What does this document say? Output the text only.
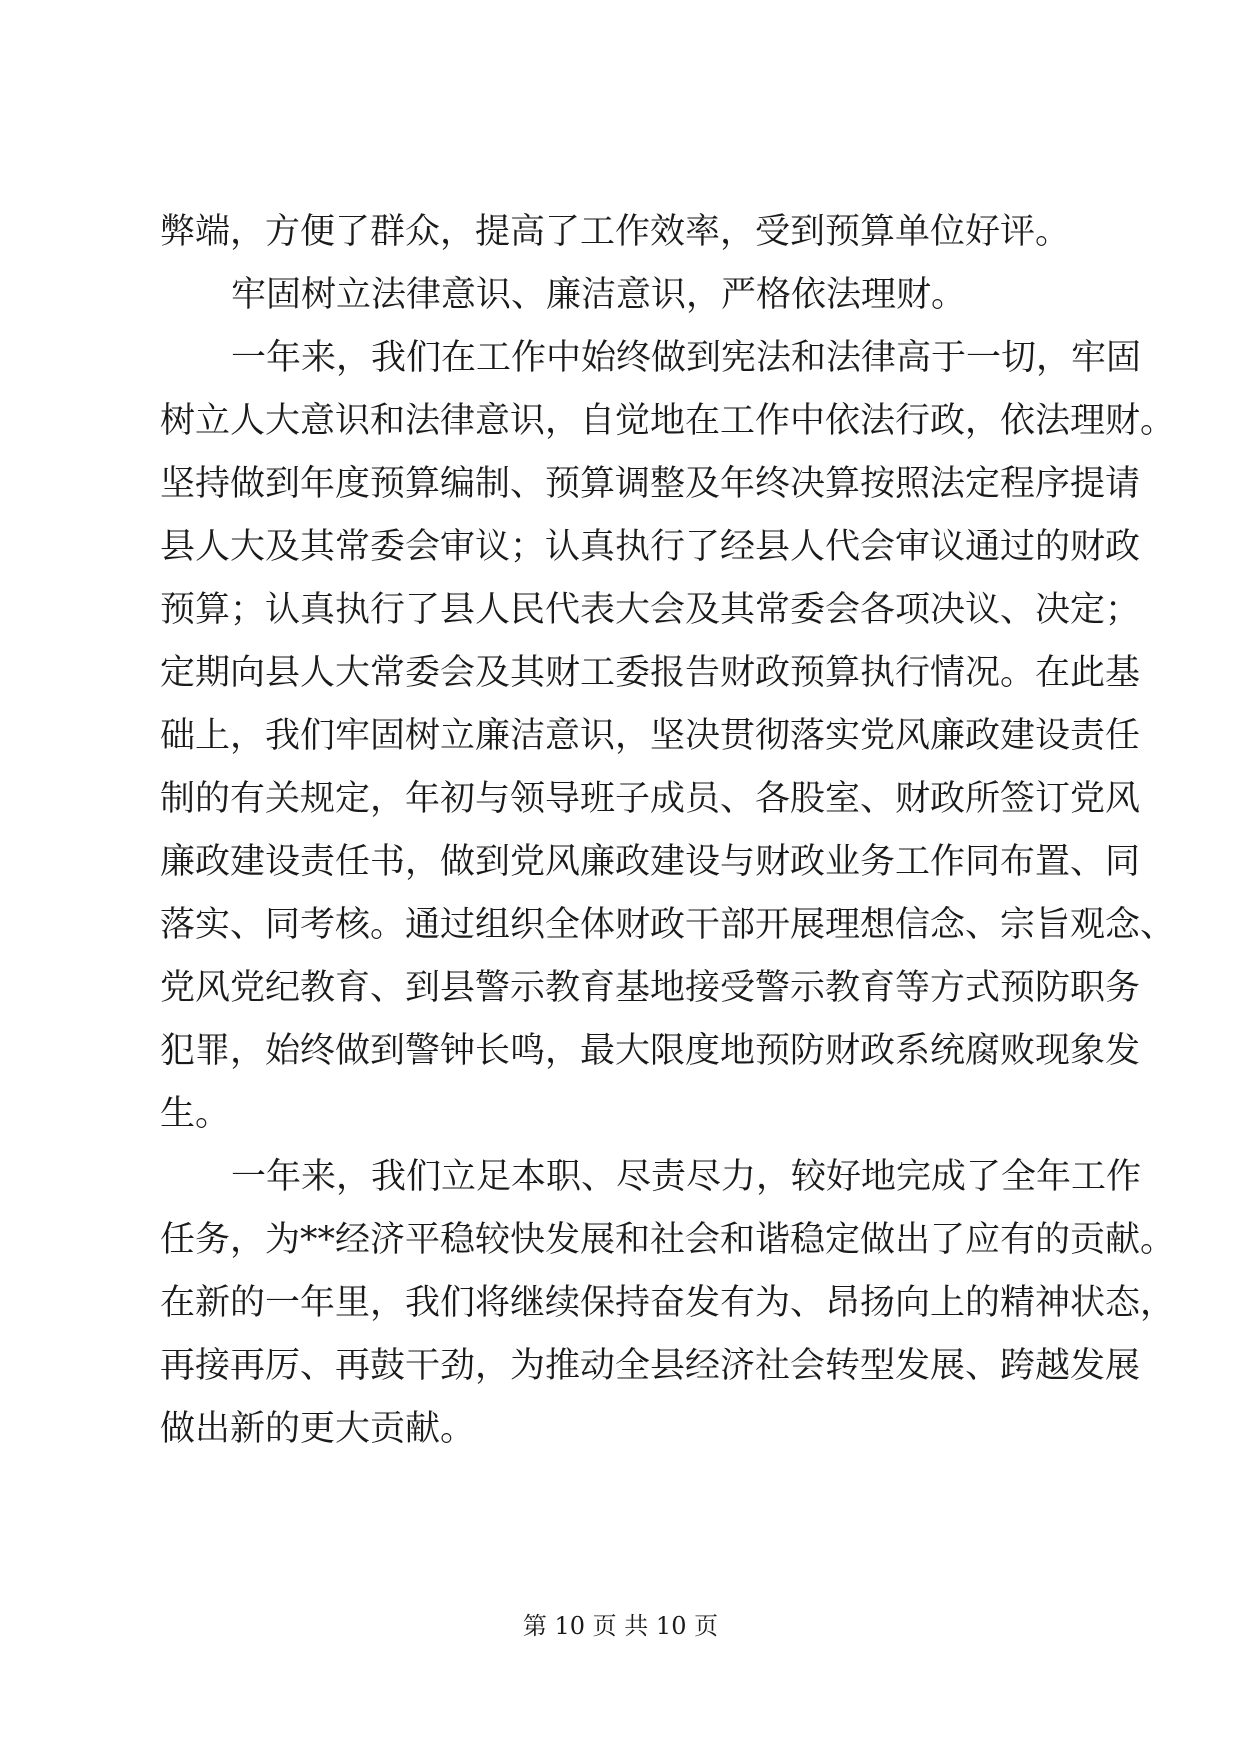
弊端，方便了群众，提高了工作效率，受到预算单位好评。
牢固树立法律意识、廉洁意识，严格依法理财。
一年来，我们在工作中始终做到宪法和法律高于一切，牢固
树立人大意识和法律意识，自觉地在工作中依法行政，依法理财。
坚持做到年度预算编制、预算调整及年终决算按照法定程序提请
县人大及其常委会审议；认真执行了经县人代会审议通过的财政
预算；认真执行了县人民代表大会及其常委会各项决议、决定；
定期向县人大常委会及其财工委报告财政预算执行情况。在此基
础上，我们牢固树立廉洁意识，坚决贯彻落实党风廉政建设责任
制的有关规定，年初与领导班子成员、各股室、财政所签订党风
廉政建设责任书，做到党风廉政建设与财政业务工作同布置、同
落实、同考核。通过组织全体财政干部开展理想信念、宗旨观念、
党风党纪教育、到县警示教育基地接受警示教育等方式预防职务
犯罪，始终做到警钟长鸣，最大限度地预防财政系统腐败现象发
生。
一年来，我们立足本职、尽责尽力，较好地完成了全年工作
任务，为**经济平稳较快发展和社会和谐稳定做出了应有的贡献。
在新的一年里，我们将继续保持奋发有为、昂扬向上的精神状态，
再接再厉、再鼓干劲，为推动全县经济社会转型发展、跨越发展
做出新的更大贡献。
第 10 页 共 10 页
